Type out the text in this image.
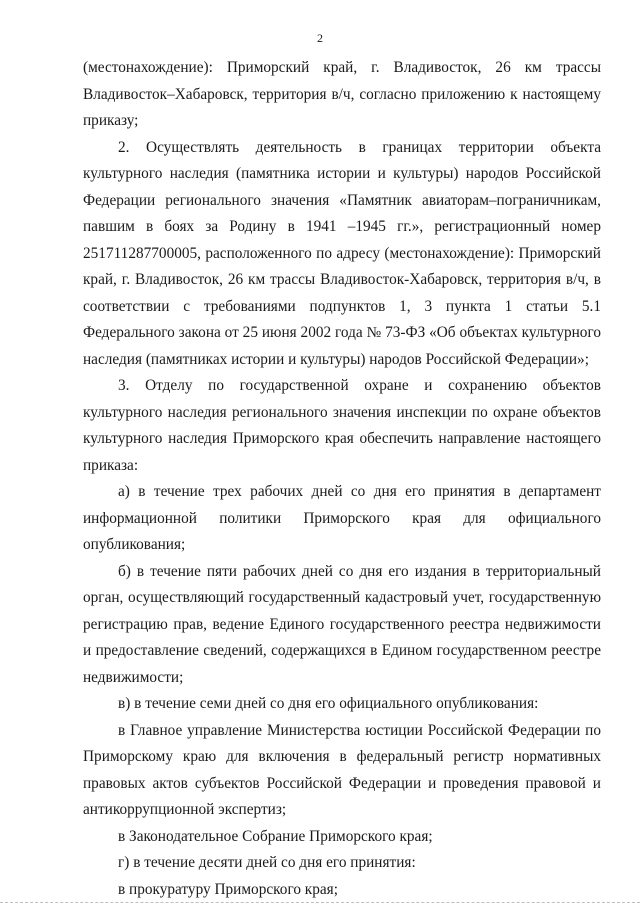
2

(местонахождение): Приморский край, г. Владивосток, 26 км трассы Владивосток–Хабаровск, территория в/ч, согласно приложению к настоящему приказу;

2. Осуществлять деятельность в границах территории объекта культурного наследия (памятника истории и культуры) народов Российской Федерации регионального значения «Памятник авиаторам–пограничникам, павшим в боях за Родину в 1941 –1945 гг.», регистрационный номер 251711287700005, расположенного по адресу (местонахождение): Приморский край, г. Владивосток, 26 км трассы Владивосток-Хабаровск, территория в/ч, в соответствии с требованиями подпунктов 1, 3 пункта 1 статьи 5.1 Федерального закона от 25 июня 2002 года № 73-ФЗ «Об объектах культурного наследия (памятниках истории и культуры) народов Российской Федерации»;

3. Отделу по государственной охране и сохранению объектов культурного наследия регионального значения инспекции по охране объектов культурного наследия Приморского края обеспечить направление настоящего приказа:

а) в течение трех рабочих дней со дня его принятия в департамент информационной политики Приморского края для официального опубликования;

б) в течение пяти рабочих дней со дня его издания в территориальный орган, осуществляющий государственный кадастровый учет, государственную регистрацию прав, ведение Единого государственного реестра недвижимости и предоставление сведений, содержащихся в Едином государственном реестре недвижимости;

в) в течение семи дней со дня его официального опубликования:

в Главное управление Министерства юстиции Российской Федерации по Приморскому краю для включения в федеральный регистр нормативных правовых актов субъектов Российской Федерации и проведения правовой и антикоррупционной экспертиз;

в Законодательное Собрание Приморского края;

г) в течение десяти дней со дня его принятия:

в прокуратуру Приморского края;
